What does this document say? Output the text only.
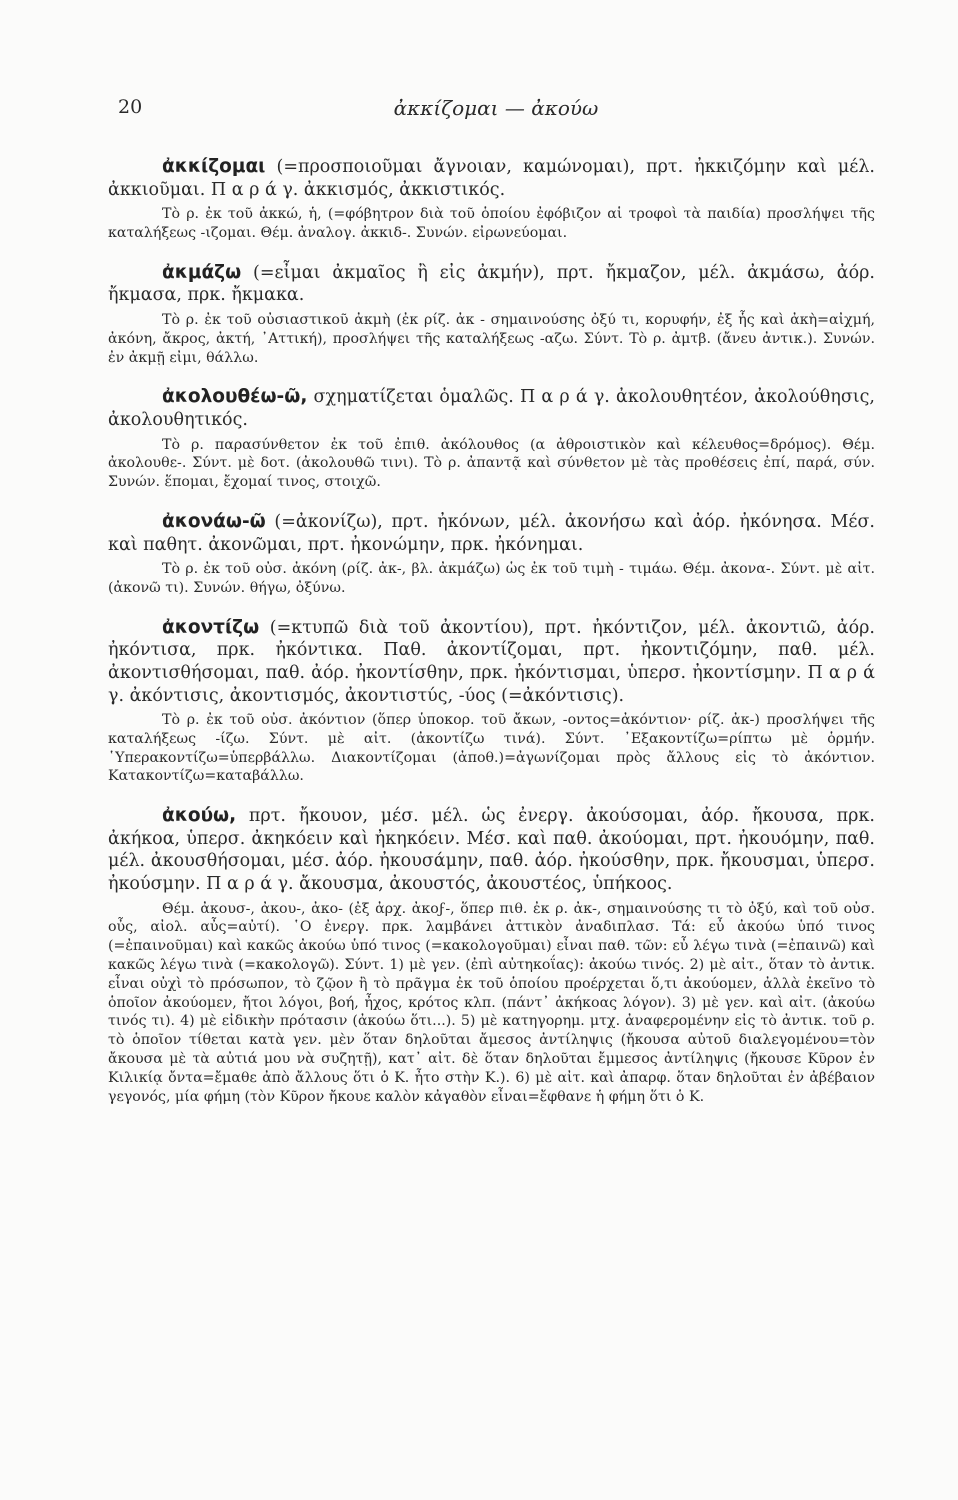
20	ἀκκίζομαι — ἀκούω

ἀκκίζομαι (=προσποιοῦμαι ἄγνοιαν, καμώνομαι), πρτ. ἠκκιζόμην καὶ μέλ. ἀκκιοῦμαι. Π α ρ ά γ. ἀκκισμός, ἀκκιστικός.

Τὸ ρ. ἐκ τοῦ ἀκκώ, ἡ, (=φόβητρον διὰ τοῦ ὁποίου ἐφόβιζον αἱ τροφοὶ τὰ παιδία) προσλήψει τῆς καταλήξεως -ιζομαι. Θέμ. ἀναλογ. ἀκκιδ-. Συνών. εἰρωνεύομαι.

ἀκμάζω (=εἶμαι ἀκμαῖος ἢ εἰς ἀκμήν), πρτ. ἤκμαζον, μέλ. ἀκμάσω, ἀόρ. ἤκμασα, πρκ. ἤκμακα.

Τὸ ρ. ἐκ τοῦ οὐσιαστικοῦ ἀκμὴ (ἐκ ρίζ. ἀκ - σημαινούσης ὀξύ τι, κορυφήν, ἐξ ἧς καὶ ἀκὴ=αἰχμή, ἀκόνη, ἄκρος, ἀκτή, ᾿Αττική), προσλήψει τῆς καταλήξεως -αζω. Σύντ. Τὸ ρ. ἀμτβ. (ἄνευ ἀντικ.). Συνών. ἐν ἀκμῇ εἰμι, θάλλω.

ἀκολουθέω-ῶ, σχηματίζεται ὁμαλῶς. Π α ρ ά γ. ἀκολουθητέον, ἀκολούθησις, ἀκολουθητικός.

Τὸ ρ. παρασύνθετον ἐκ τοῦ ἐπιθ. ἀκόλουθος (α ἀθροιστικὸν καὶ κέλευθος=δρόμος). Θέμ. ἀκολουθε-. Σύντ. μὲ δοτ. (ἀκολουθῶ τινι). Τὸ ρ. ἀπαντᾷ καὶ σύνθετον μὲ τὰς προθέσεις ἐπί, παρά, σύν. Συνών. ἕπομαι, ἔχομαί τινος, στοιχῶ.

ἀκονάω-ῶ (=ἀκονίζω), πρτ. ἠκόνων, μέλ. ἀκονήσω καὶ ἀόρ. ἠκόνησα. Μέσ. καὶ παθητ. ἀκονῶμαι, πρτ. ἠκονώμην, πρκ. ἠκόνημαι.

Τὸ ρ. ἐκ τοῦ οὐσ. ἀκόνη (ρίζ. ἀκ-, βλ. ἀκμάζω) ὡς ἐκ τοῦ τιμὴ - τιμάω. Θέμ. ἀκονα-. Σύντ. μὲ αἰτ. (ἀκονῶ τι). Συνών. θήγω, ὀξύνω.

ἀκοντίζω (=κτυπῶ διὰ τοῦ ἀκοντίου), πρτ. ἠκόντιζον, μέλ. ἀκοντιῶ, ἀόρ. ἠκόντισα, πρκ. ἠκόντικα. Παθ. ἀκοντίζομαι, πρτ. ἠκοντιζόμην, παθ. μέλ. ἀκοντισθήσομαι, παθ. ἀόρ. ἠκοντίσθην, πρκ. ἠκόντισμαι, ὑπερσ. ἠκοντίσμην. Π α ρ ά γ. ἀκόντισις, ἀκοντισμός, ἀκοντιστύς, -ύος (=ἀκόντισις).

Τὸ ρ. ἐκ τοῦ οὐσ. ἀκόντιον (ὅπερ ὑποκορ. τοῦ ἄκων, -οντος=ἀκόντιον· ρίζ. ἀκ-) προσλήψει τῆς καταλήξεως -ίζω. Σύντ. μὲ αἰτ. (ἀκοντίζω τινά). Σύντ. ᾿Εξακοντίζω=ρίπτω μὲ ὁρμήν. ῾Υπερακοντίζω=ὑπερβάλλω. Διακοντίζομαι (ἀποθ.)=ἀγωνίζομαι πρὸς ἄλλους εἰς τὸ ἀκόντιον. Κατακοντίζω=καταβάλλω.

ἀκούω, πρτ. ἤκουον, μέσ. μέλ. ὡς ἐνεργ. ἀκούσομαι, ἀόρ. ἤκουσα, πρκ. ἀκήκοα, ὑπερσ. ἀκηκόειν καὶ ἠκηκόειν. Μέσ. καὶ παθ. ἀκούομαι, πρτ. ἠκουόμην, παθ. μέλ. ἀκουσθήσομαι, μέσ. ἀόρ. ἠκουσάμην, παθ. ἀόρ. ἠκούσθην, πρκ. ἤκουσμαι, ὑπερσ. ἠκούσμην. Π α ρ ά γ. ἄκουσμα, ἀκουστός, ἀκουστέος, ὑπήκοος.

Θέμ. ἀκουσ-, ἀκου-, ἀκο- (ἐξ ἀρχ. ἀκοϝ-, ὅπερ πιθ. ἐκ ρ. ἀκ-, σημαινούσης τι τὸ ὀξύ, καὶ τοῦ οὐσ. οὖς, αἰολ. αὖς=αὐτί). ῾Ο ἐνεργ. πρκ. λαμβάνει ἀττικὸν ἀναδιπλασ. Τά: εὖ ἀκούω ὑπό τινος (=ἐπαινοῦμαι) καὶ κακῶς ἀκούω ὑπό τινος (=κακολογοῦμαι) εἶναι παθ. τῶν: εὖ λέγω τινὰ (=ἐπαινῶ) καὶ κακῶς λέγω τινὰ (=κακολογῶ). Σύντ. 1) μὲ γεν. (ἐπὶ αὐτηκοΐας): ἀκούω τινός. 2) μὲ αἰτ., ὅταν τὸ ἀντικ. εἶναι οὐχὶ τὸ πρόσωπον, τὸ ζῷον ἢ τὸ πρᾶγμα ἐκ τοῦ ὁποίου προέρχεται ὅ,τι ἀκούομεν, ἀλλὰ ἐκεῖνο τὸ ὁποῖον ἀκούομεν, ἤτοι λόγοι, βοή, ἦχος, κρότος κλπ. (πάντ᾿ ἀκήκοας λόγον). 3) μὲ γεν. καὶ αἰτ. (ἀκούω τινός τι). 4) μὲ εἰδικὴν πρότασιν (ἀκούω ὅτι...). 5) μὲ κατηγορημ. μτχ. ἀναφερομένην εἰς τὸ ἀντικ. τοῦ ρ. τὸ ὁποῖον τίθεται κατὰ γεν. μὲν ὅταν δηλοῦται ἄμεσος ἀντίληψις (ἤκουσα αὐτοῦ διαλεγομένου=τὸν ἄκουσα μὲ τὰ αὐτιά μου νὰ συζητῇ), κατ᾿ αἰτ. δὲ ὅταν δηλοῦται ἔμμεσος ἀντίληψις (ἤκουσε Κῦρον ἐν Κιλικίᾳ ὄντα=ἔμαθε ἀπὸ ἄλλους ὅτι ὁ Κ. ἦτο στὴν Κ.). 6) μὲ αἰτ. καὶ ἀπαρφ. ὅταν δηλοῦται ἐν ἀβέβαιον γεγονός, μία φήμη (τὸν Κῦρον ἤκουε καλὸν κἀγαθὸν εἶναι=ἔφθανε ἡ φήμη ὅτι ὁ Κ.
